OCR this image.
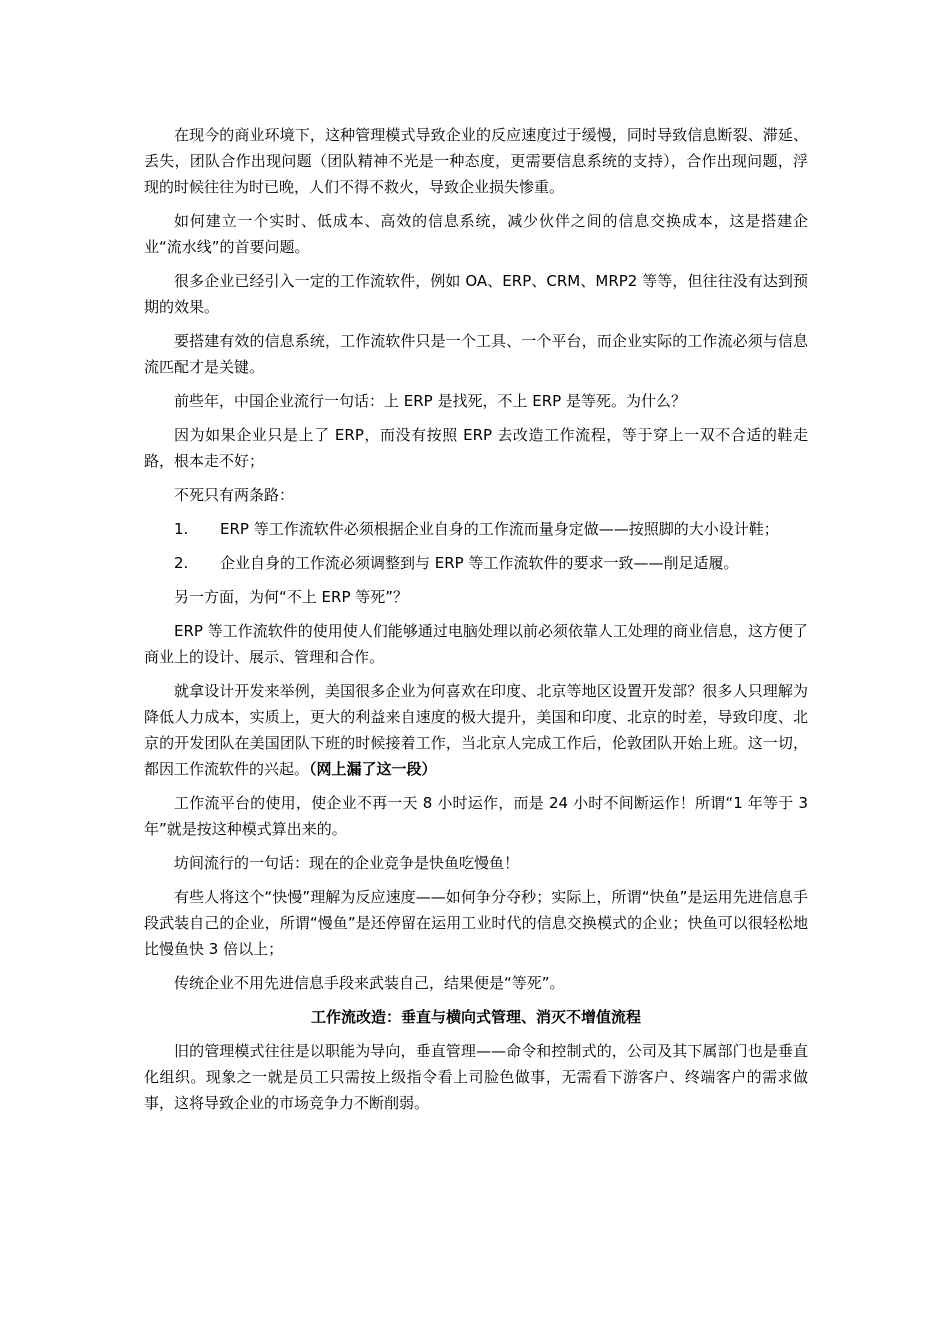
在现今的商业环境下，这种管理模式导致企业的反应速度过于缓慢，同时导致信息断裂、滞延、丢失，团队合作出现问题（团队精神不光是一种态度，更需要信息系统的支持），合作出现问题，浮现的时候往往为时已晚，人们不得不救火，导致企业损失惨重。

如何建立一个实时、低成本、高效的信息系统，减少伙伴之间的信息交换成本，这是搭建企业“流水线”的首要问题。

很多企业已经引入一定的工作流软件，例如 OA、ERP、CRM、MRP2 等等，但往往没有达到预期的效果。

要搭建有效的信息系统，工作流软件只是一个工具、一个平台，而企业实际的工作流必须与信息流匹配才是关键。

前些年，中国企业流行一句话：上 ERP 是找死，不上 ERP 是等死。为什么？

因为如果企业只是上了 ERP，而没有按照 ERP 去改造工作流程，等于穿上一双不合适的鞋走路，根本走不好；

不死只有两条路：

1. ERP 等工作流软件必须根据企业自身的工作流而量身定做——按照脚的大小设计鞋；

2. 企业自身的工作流必须调整到与 ERP 等工作流软件的要求一致——削足适履。

另一方面，为何“不上 ERP 等死”？

ERP 等工作流软件的使用使人们能够通过电脑处理以前必须依靠人工处理的商业信息，这方便了商业上的设计、展示、管理和合作。

就拿设计开发来举例，美国很多企业为何喜欢在印度、北京等地区设置开发部？很多人只理解为降低人力成本，实质上，更大的利益来自速度的极大提升，美国和印度、北京的时差，导致印度、北京的开发团队在美国团队下班的时候接着工作，当北京人完成工作后，伦敦团队开始上班。这一切，都因工作流软件的兴起。（网上漏了这一段）

工作流平台的使用，使企业不再一天 8 小时运作，而是 24 小时不间断运作！所谓“1 年等于 3 年”就是按这种模式算出来的。

坊间流行的一句话：现在的企业竞争是快鱼吃慢鱼！

有些人将这个“快慢”理解为反应速度——如何争分夺秒；实际上，所谓“快鱼”是运用先进信息手段武装自己的企业，所谓“慢鱼”是还停留在运用工业时代的信息交换模式的企业；快鱼可以很轻松地比慢鱼快 3 倍以上；

传统企业不用先进信息手段来武装自己，结果便是“等死”。

工作流改造：垂直与横向式管理、消灭不增值流程

旧的管理模式往往是以职能为导向，垂直管理——命令和控制式的，公司及其下属部门也是垂直化组织。现象之一就是员工只需按上级指令看上司脸色做事，无需看下游客户、终端客户的需求做事，这将导致企业的市场竞争力不断削弱。
